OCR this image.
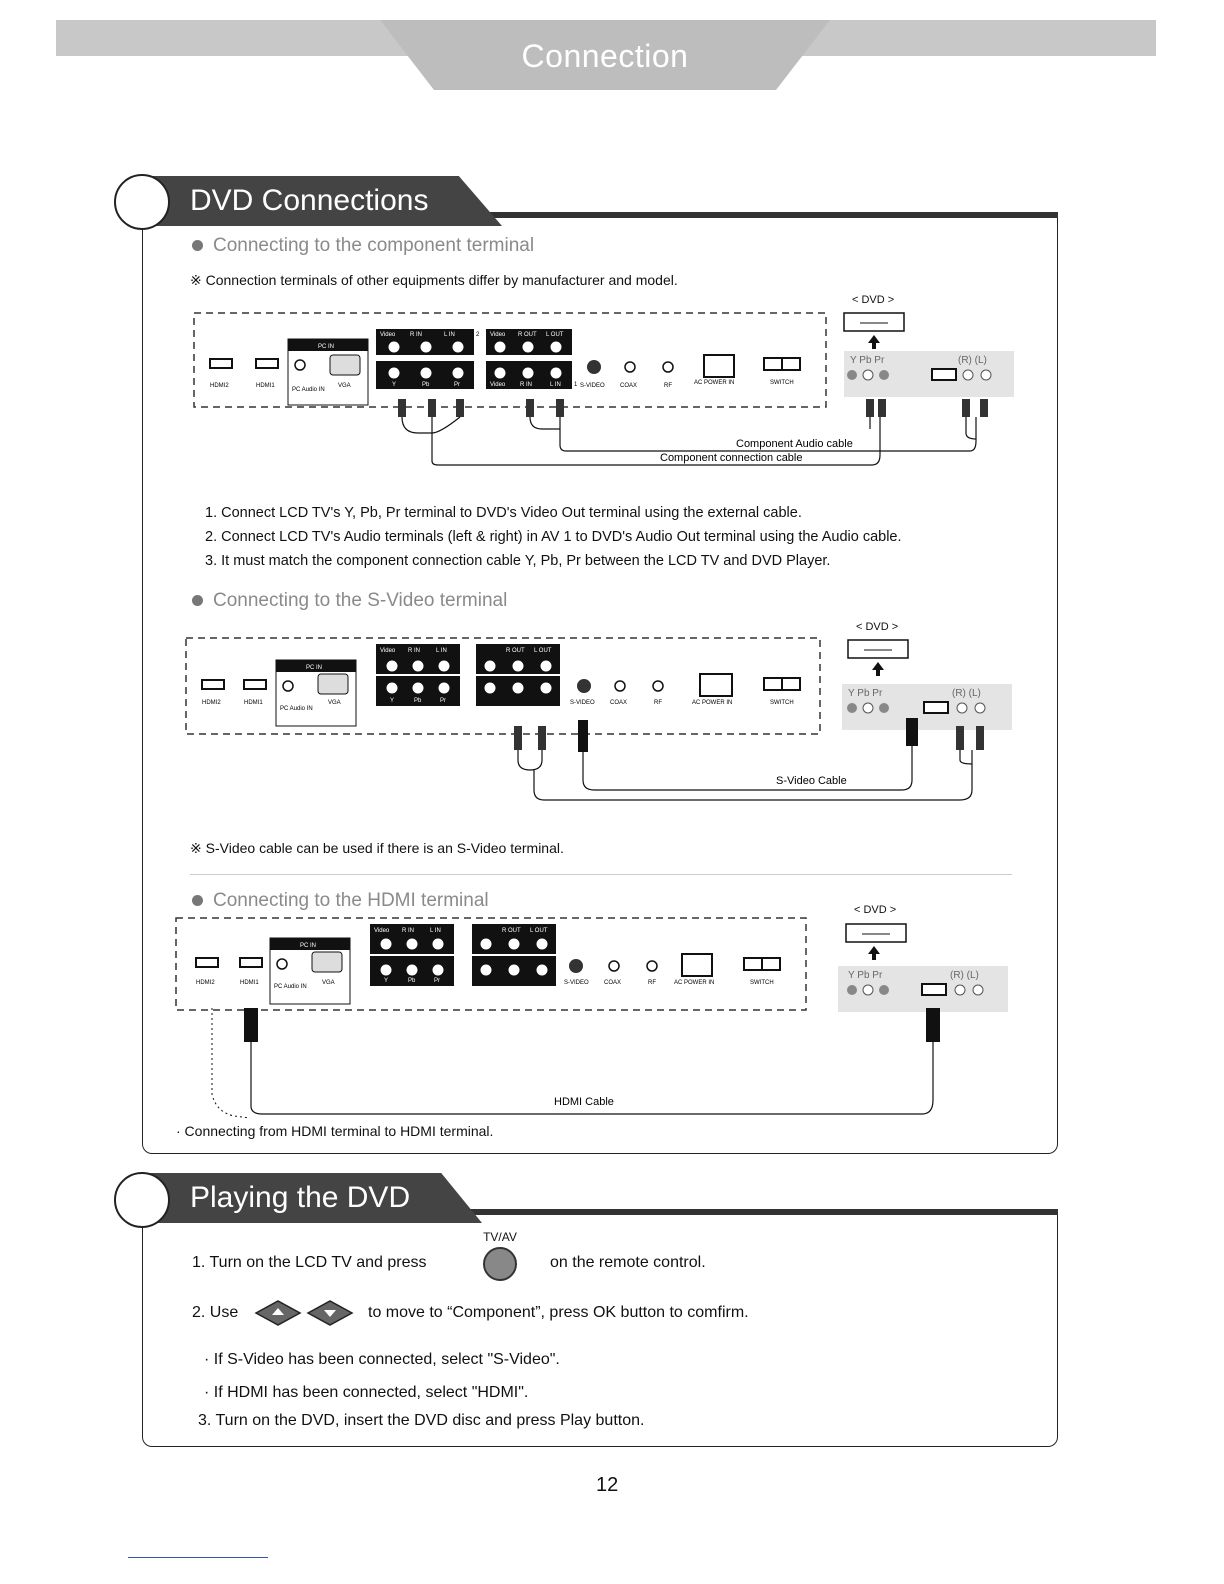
Connection
DVD Connections
Connecting to the component terminal
※ Connection terminals of other equipments differ by manufacturer and model.
< DVD >
HDMI2	HDMI1
PC IN
PC Audio IN
VGA
Video R IN	L IN
Y	Pb	Pr
2 Video R OUT L OUT
Video R IN	L IN 1 S-VIDEO	COAX	RF	AC POWER IN	SWITCH
Y Pb Pr	(R) (L)
Component Audio cable
Component connection cable
1. Connect LCD TV's Y, Pb, Pr terminal to DVD's Video Out terminal using the external cable.
2. Connect LCD TV's Audio terminals (left & right) in AV 1 to DVD's Audio Out terminal using the Audio cable.
3. It must match the component connection cable Y, Pb, Pr between the LCD TV and DVD Player.
Connecting to the S-Video terminal
< DVD >
HDMI2	HDMI1
PC IN
PC Audio IN
VGA
Video R IN	L IN
Y	Pb	Pr
R OUT L OUT
S-VIDEO	COAX	RF	AC POWER IN	SWITCH
Y Pb Pr	(R) (L)
S-Video Cable
※ S-Video cable can be used if there is an S-Video terminal.
Connecting to the HDMI terminal	< DVD >
HDMI2	HDMI1
PC IN
PC Audio IN
VGA
Video R IN	L IN
Y	Pb	Pr
R OUT L OUT
S-VIDEO	COAX	RF	AC POWER IN	SWITCH
Y Pb Pr	(R) (L)
HDMI Cable
· Connecting from HDMI terminal to HDMI terminal.
Playing the DVD
1. Turn on the LCD TV and press
TV/AV
on the remote control.
2. Use	to move to “Component”, press OK button to comfirm.
· If S-Video has been connected, select "S-Video".
· If HDMI has been connected, select "HDMI".
3. Turn on the DVD, insert the DVD disc and press Play button.
12
